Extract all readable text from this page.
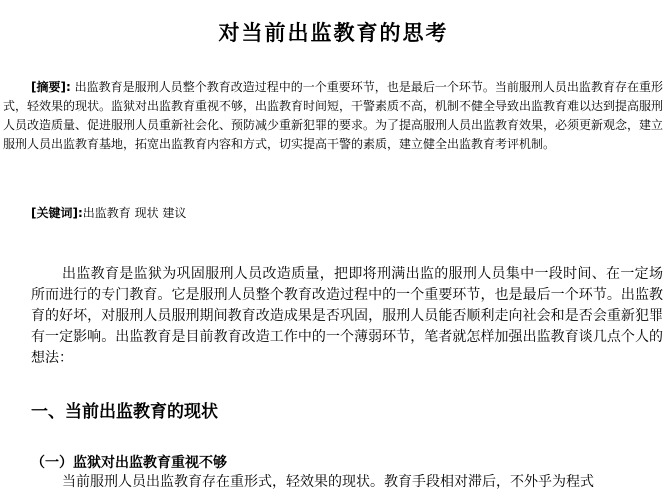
对当前出监教育的思考

[摘要]: 出监教育是服刑人员整个教育改造过程中的一个重要环节，也是最后一个环节。当前服刑人员出监教育存在重形式，轻效果的现状。监狱对出监教育重视不够，出监教育时间短，干警素质不高，机制不健全导致出监教育难以达到提高服刑人员改造质量、促进服刑人员重新社会化、预防减少重新犯罪的要求。为了提高服刑人员出监教育效果，必须更新观念，建立服刑人员出监教育基地，拓宽出监教育内容和方式，切实提高干警的素质，建立健全出监教育考评机制。

[关键词]:出监教育 现状 建议

出监教育是监狱为巩固服刑人员改造质量，把即将刑满出监的服刑人员集中一段时间、在一定场所而进行的专门教育。它是服刑人员整个教育改造过程中的一个重要环节，也是最后一个环节。出监教育的好坏，对服刑人员服刑期间教育改造成果是否巩固，服刑人员能否顺利走向社会和是否会重新犯罪有一定影响。出监教育是目前教育改造工作中的一个薄弱环节，笔者就怎样加强出监教育谈几点个人的想法：

一、当前出监教育的现状
（一）监狱对出监教育重视不够

当前服刑人员出监教育存在重形式，轻效果的现状。教育手段相对滞后，不外乎为程式
